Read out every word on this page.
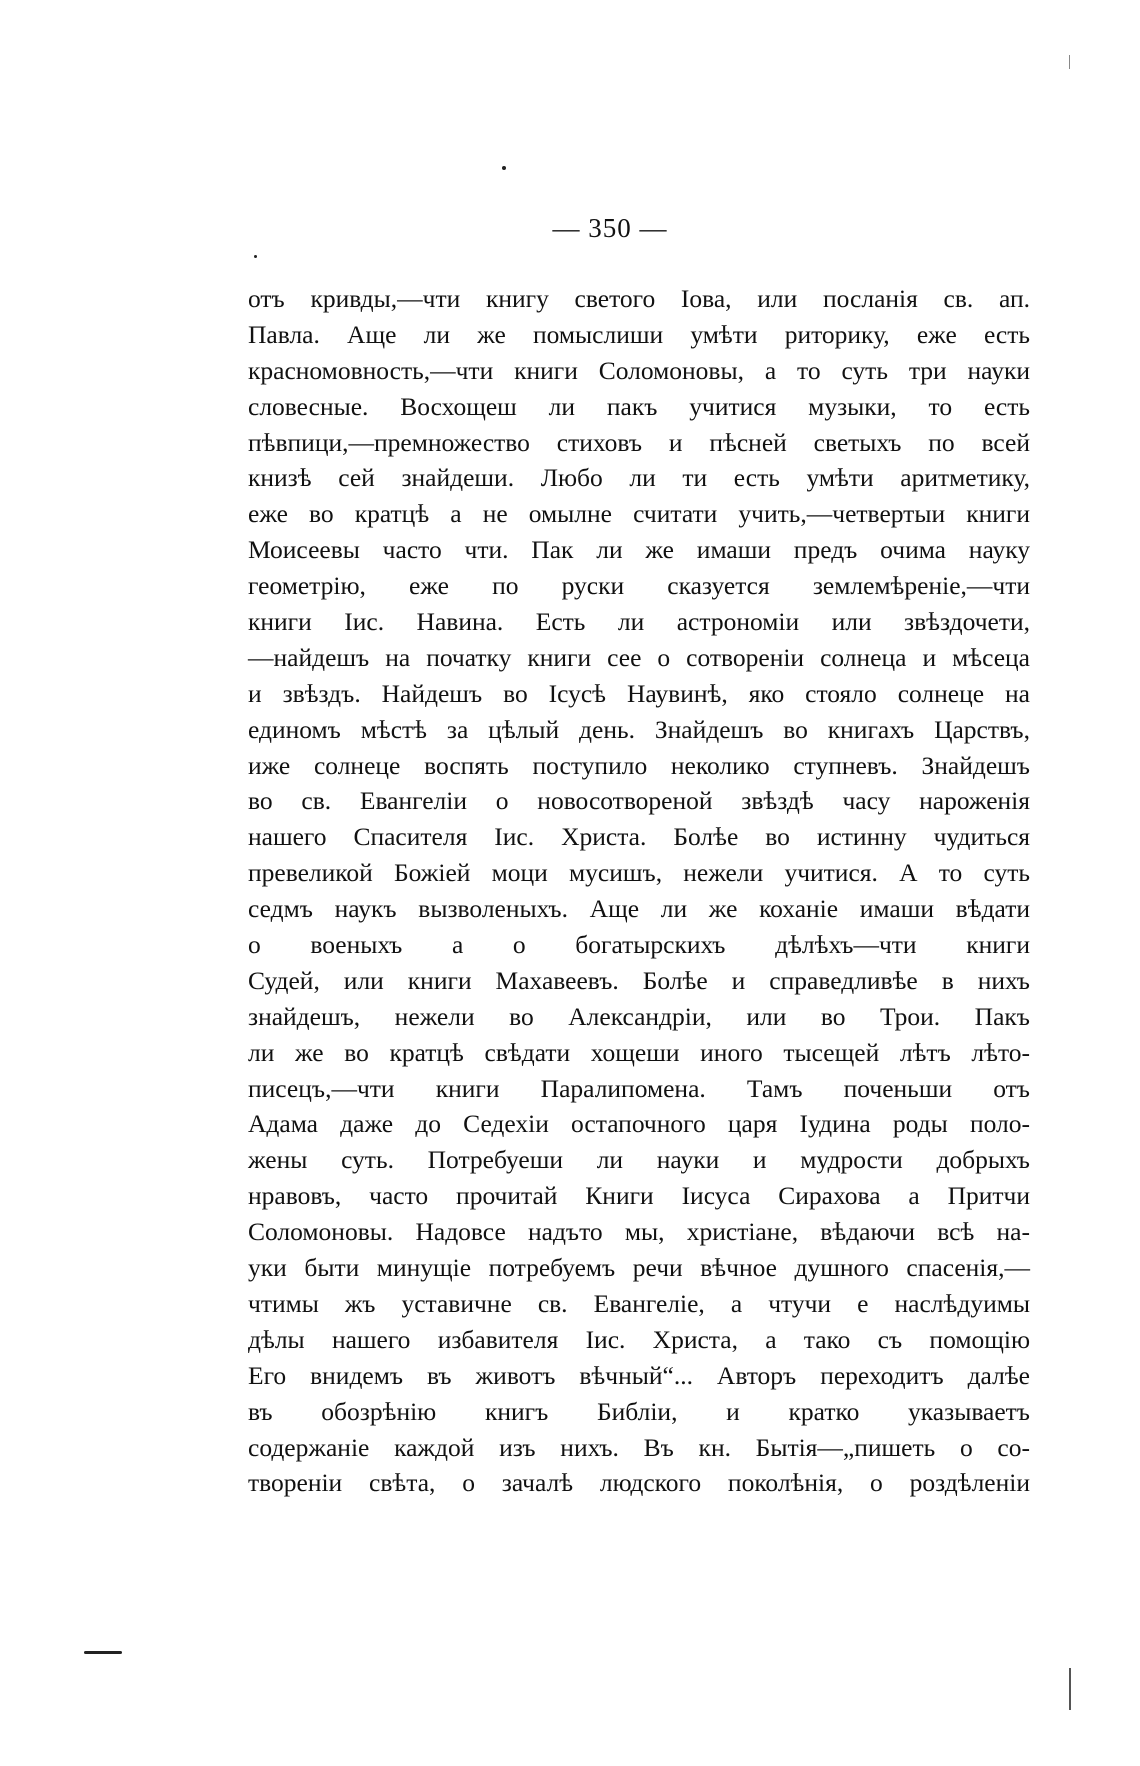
— 350 —
отъ кривды,—чти книгу светого Іова, или посланія св. ап.
Павла. Аще ли же помыслиши умѣти риторику, еже есть
красномовность,—чти книги Соломоновы, а то суть три науки
словесные. Восхощеш ли пакъ учитися музыки, то есть
пѣвпици,—премножество стиховъ и пѣсней светыхъ по всей
книзѣ сей знайдеши. Любо ли ти есть умѣти аритметику,
еже во кратцѣ а не омылне считати учить,—четвертыи книги
Моисеевы часто чти. Пак ли же имаши предъ очима науку
геометрію, еже по руски сказуется землемѣреніе,—чти
книги Іис. Навина. Есть ли астрономіи или звѣздочети,
—найдешъ на початку книги сее о сотвореніи солнеца и мѣсеца
и звѣздъ. Найдешъ во Ісусѣ Наувинѣ, яко стояло солнеце на
единомъ мѣстѣ за цѣлый день. Знайдешъ во книгахъ Царствъ,
иже солнеце воспять поступило неколико ступневъ. Знайдешъ
во св. Евангеліи о новосотвореной звѣздѣ часу нароженія
нашего Спасителя Іис. Христа. Болѣе во истинну чудиться
превеликой Божіей моци мусишъ, нежели учитися. А то суть
седмъ наукъ вызволеныхъ. Аще ли же коханіе имаши вѣдати
о военыхъ а о богатырскихъ дѣлѣхъ—чти книги
Судей, или книги Махавеевъ. Болѣе и справедливѣе в нихъ
знайдешъ, нежели во Александріи, или во Трои. Пакъ
ли же во кратцѣ свѣдати хощеши иного тысещей лѣтъ лѣто-
писецъ,—чти книги Паралипомена. Тамъ поченьши отъ
Адама даже до Седехіи остапочного царя Іудина роды поло-
жены суть. Потребуеши ли науки и мудрости добрыхъ
нравовъ, часто прочитай Книги Іисуса Сирахова а Притчи
Соломоновы. Надовсе надъто мы, христіане, вѣдаючи всѣ на-
уки быти минущіе потребуемъ речи вѣчное душного спасенія,—
чтимы жъ уставичне св. Евангеліе, а чтучи е наслѣдуимы
дѣлы нашего избавителя Іис. Христа, а тако съ помощію
Его внидемъ въ животъ вѣчный“... Авторъ переходитъ далѣе
въ обозрѣнію книгъ Библіи, и кратко указываетъ
содержаніе каждой изъ нихъ. Въ кн. Бытія—„пишеть о со-
твореніи свѣта, о зачалѣ людского поколѣнія, о роздѣленіи
